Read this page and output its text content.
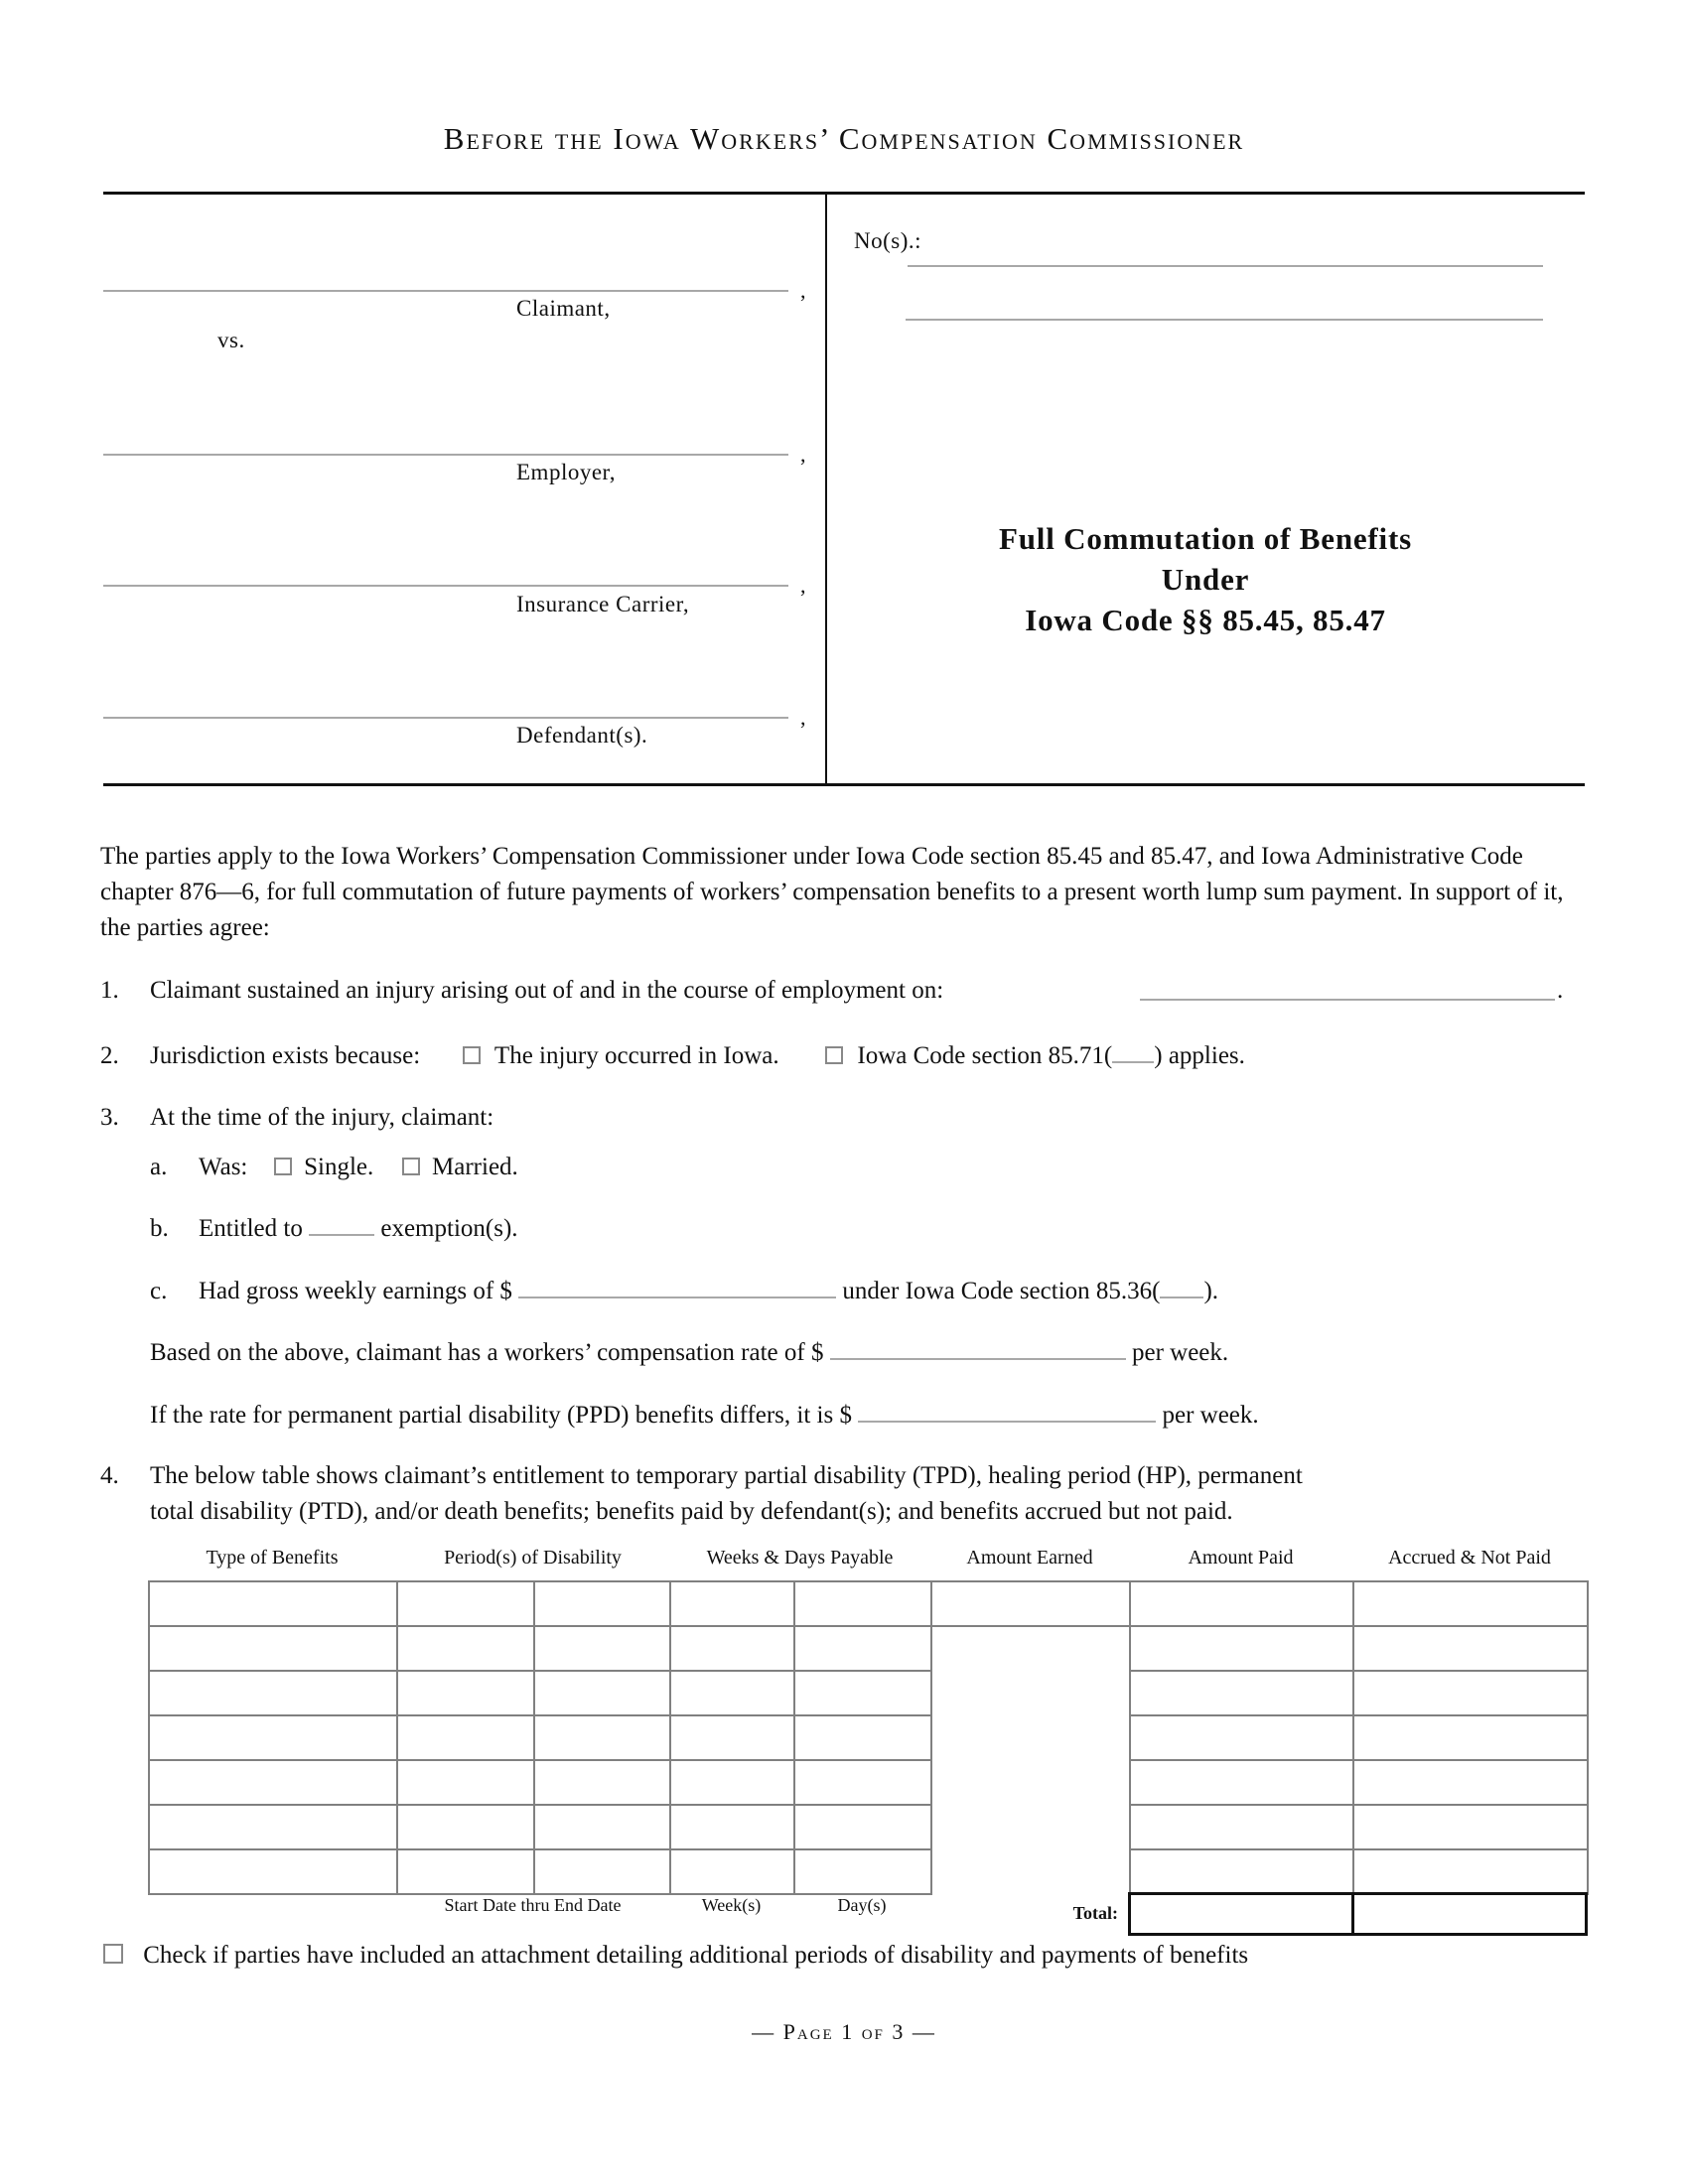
Before the Iowa Workers’ Compensation Commissioner
,
Claimant,
vs.
,
Employer,
,
Insurance Carrier,
,
Defendant(s).
No(s).:
Full Commutation of Benefits
Under
Iowa Code §§ 85.45, 85.47
The parties apply to the Iowa Workers’ Compensation Commissioner under Iowa Code section 85.45 and 85.47, and Iowa Administrative Code chapter 876—6, for full commutation of future payments of workers’ compensation benefits to a present worth lump sum payment. In support of it, the parties agree:
1. Claimant sustained an injury arising out of and in the course of employment on:	.
2. Jurisdiction exists because:	The injury occurred in Iowa.	Iowa Code section 85.71( ) applies.
3. At the time of the injury, claimant:
a. Was: Single. Married.
b. Entitled to	exemption(s).
c. Had gross weekly earnings of $	under Iowa Code section 85.36( ).
Based on the above, claimant has a workers’ compensation rate of $	per week.
If the rate for permanent partial disability (PPD) benefits differs, it is $	per week.
4. The below table shows claimant’s entitlement to temporary partial disability (TPD), healing period (HP), permanent
total disability (PTD), and/or death benefits; benefits paid by defendant(s); and benefits accrued but not paid.
Type of Benefits	Period(s) of Disability	Weeks & Days Payable	Amount Earned	Amount Paid	Accrued & Not Paid
Start Date thru End Date	Week(s)	Day(s)	Total:
Check if parties have included an attachment detailing additional periods of disability and payments of benefits
— Page 1 of 3 —
